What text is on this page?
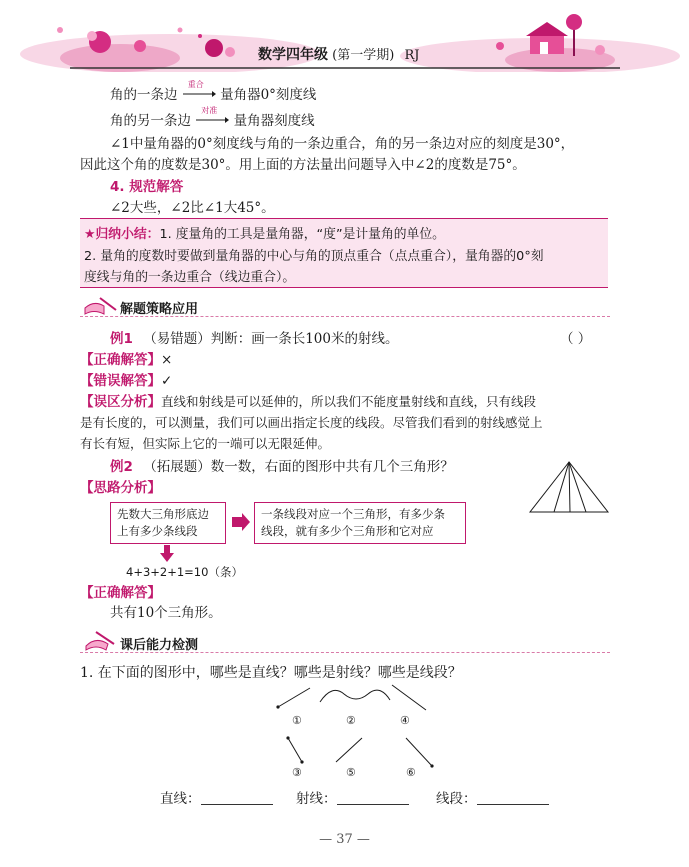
数学四年级 (第一学期) RJ
角的一条边
重合
量角器0°刻度线
角的另一条边
对准
量角器刻度线
∠1中量角器的0°刻度线与角的一条边重合，角的另一条边对应的刻度是30°，
因此这个角的度数是30°。用上面的方法量出问题导入中∠2的度数是75°。
4. 规范解答
∠2大些，∠2比∠1大45°。
★归纳小结：1. 度量角的工具是量角器，“度”是计量角的单位。
2. 量角的度数时要做到量角器的中心与角的顶点重合（点点重合），量角器的0°刻
度线与角的一条边重合（线边重合）。
解题策略应用
例1 （易错题）判断：画一条长100米的射线。	（ ）
【正确解答】×
【错误解答】✓
【误区分析】直线和射线是可以延伸的，所以我们不能度量射线和直线，只有线段
是有长度的，可以测量，我们可以画出指定长度的线段。尽管我们看到的射线感觉上
有长有短，但实际上它的一端可以无限延伸。
例2 （拓展题）数一数，右面的图形中共有几个三角形？
【思路分析】
先数大三角形底边
上有多少条线段
一条线段对应一个三角形，有多少条
线段，就有多少个三角形和它对应
4+3+2+1=10（条）
【正确解答】
共有10个三角形。
课后能力检测
1. 在下面的图形中，哪些是直线？哪些是射线？哪些是线段？
①	②	④
③	⑤	⑥
直线：	射线：	线段：
— 37 —
